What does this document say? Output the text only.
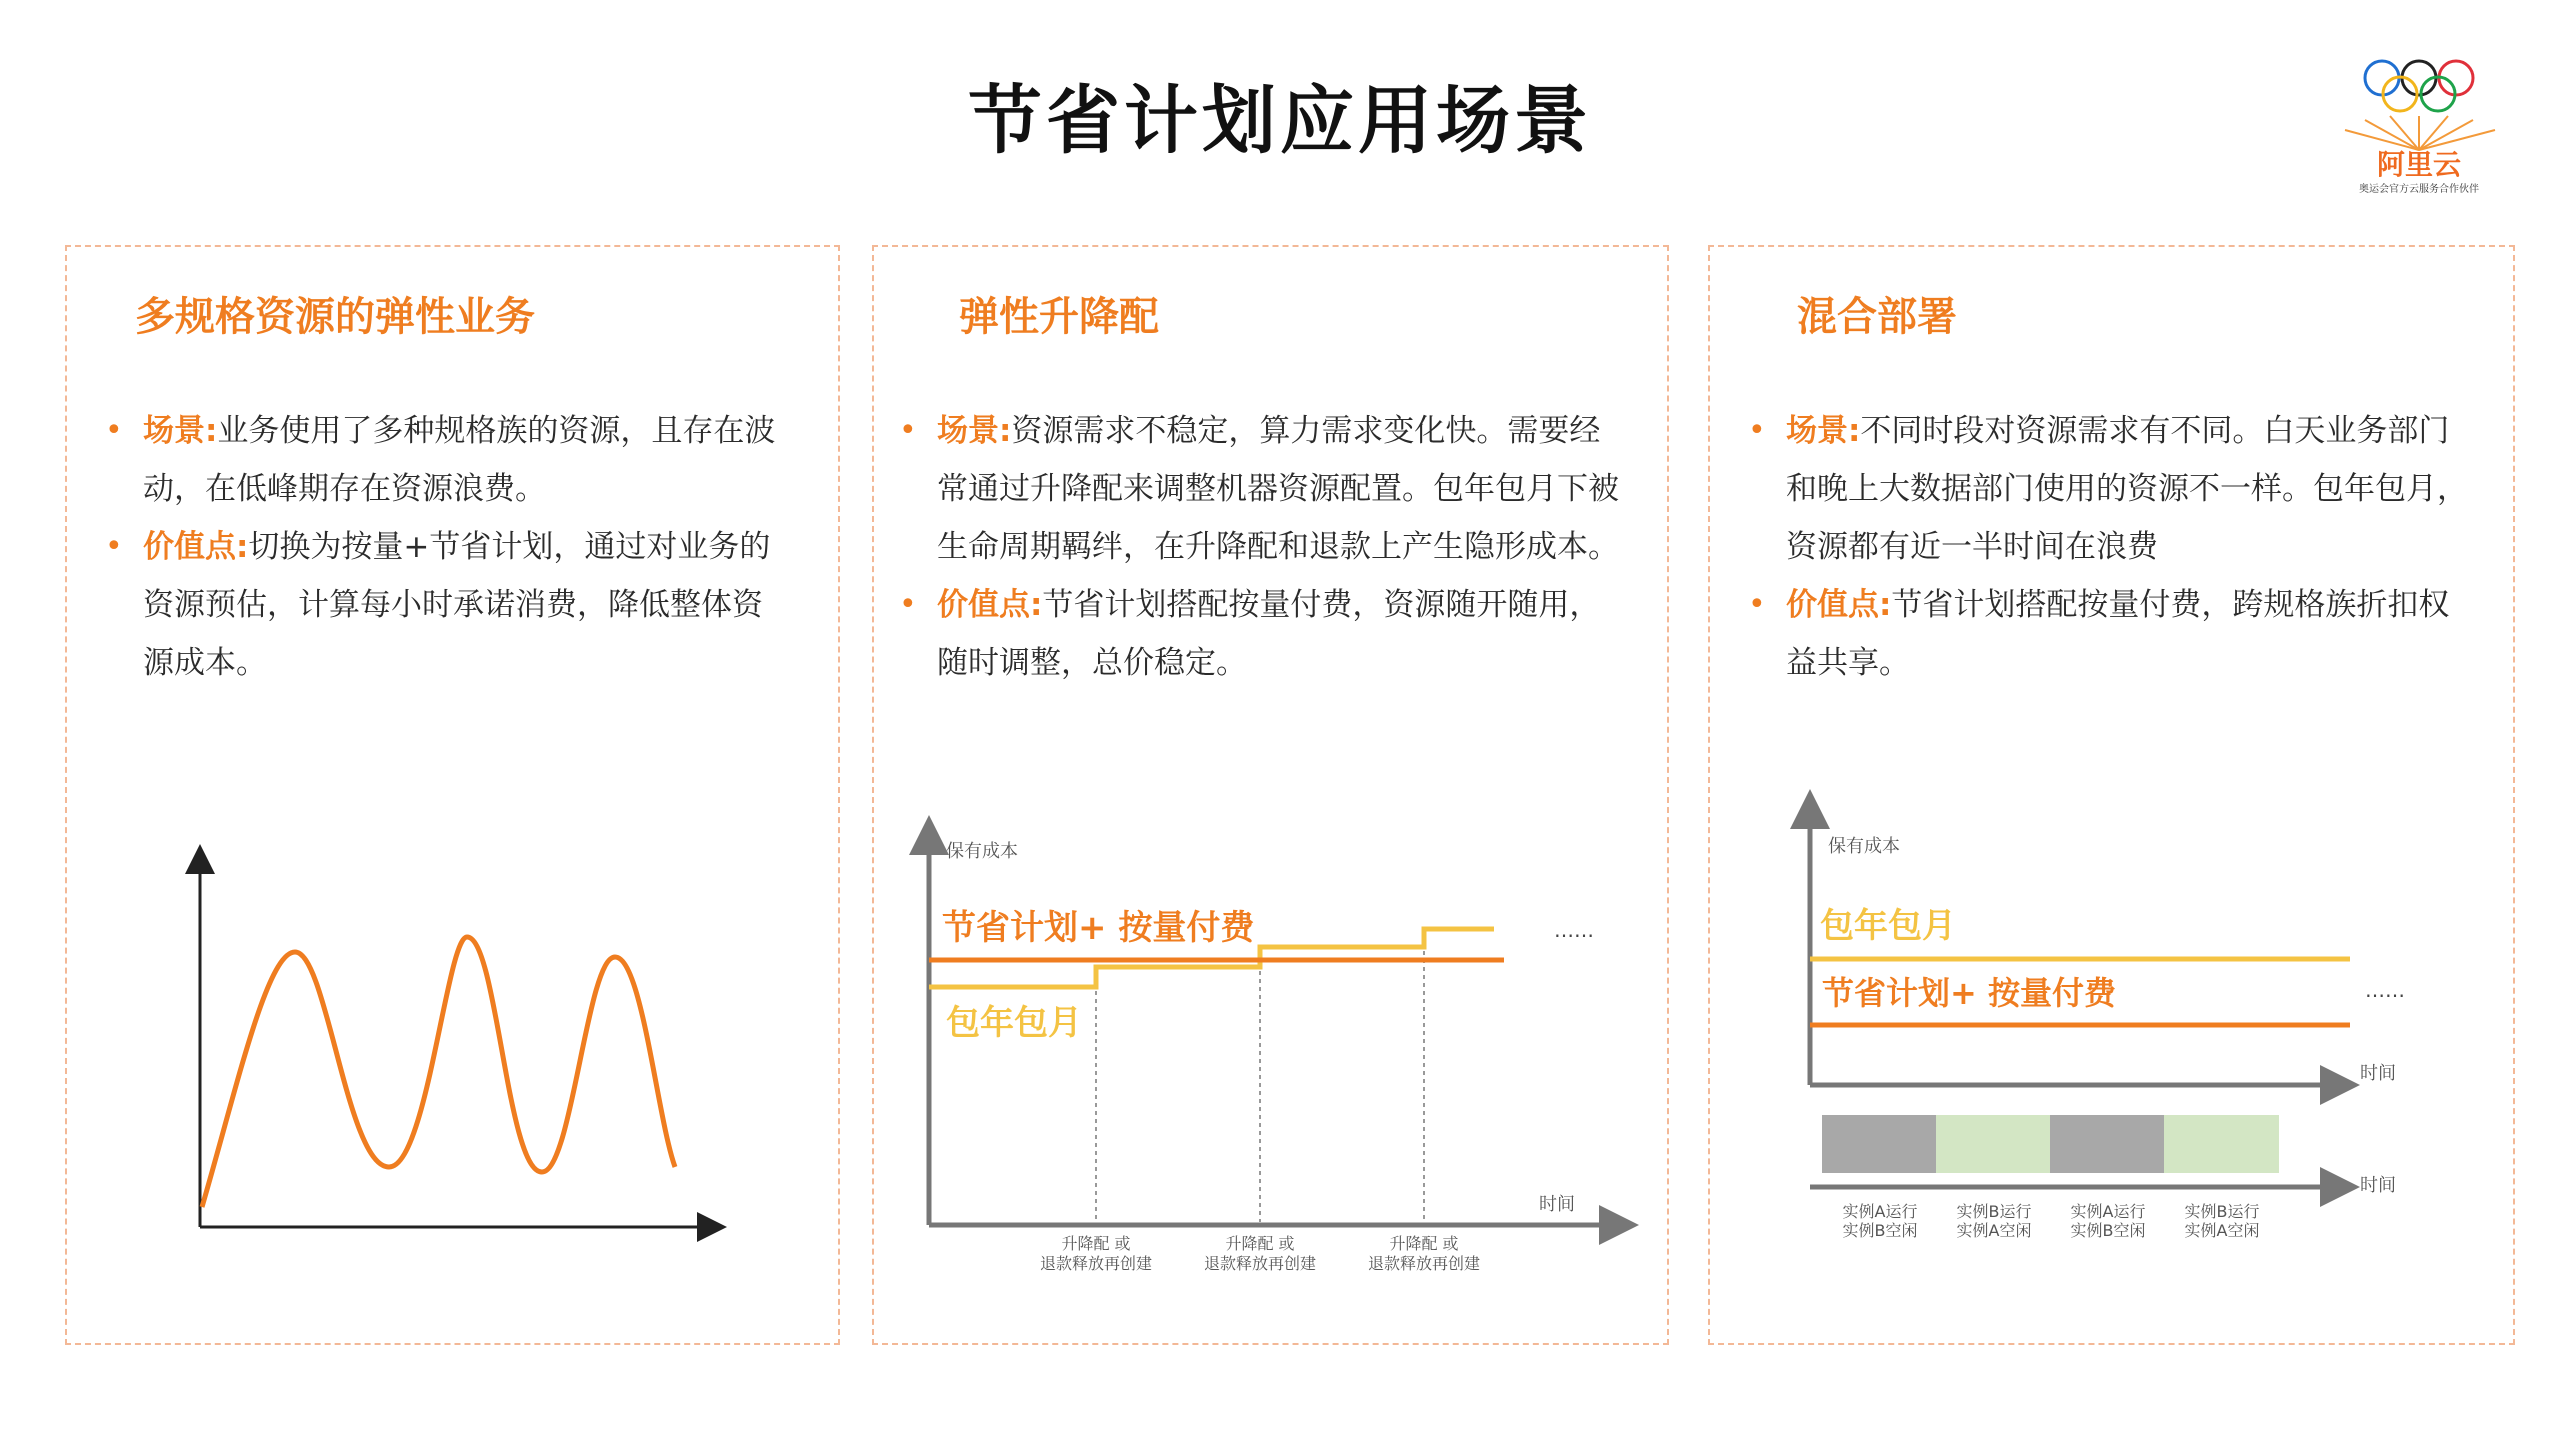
节省计划应用场景
阿里云
奥运会官方云服务合作伙伴
多规格资源的弹性业务
• 场景:业务使用了多种规格族的资源，且存在波动，在低峰期存在资源浪费。
• 价值点:切换为按量+节省计划，通过对业务的资源预估，计算每小时承诺消费，降低整体资源成本。
弹性升降配
• 场景:资源需求不稳定，算力需求变化快。需要经常通过升降配来调整机器资源配置。包年包月下被生命周期羁绊，在升降配和退款上产生隐形成本。
• 价值点:节省计划搭配按量付费，资源随开随用，随时调整，总价稳定。
保有成本
时间
节省计划+ 按量付费
包年包月
……
升降配 或
退款释放再创建
升降配 或
退款释放再创建
升降配 或
退款释放再创建
混合部署
• 场景:不同时段对资源需求有不同。白天业务部门和晚上大数据部门使用的资源不一样。包年包月，资源都有近一半时间在浪费
• 价值点:节省计划搭配按量付费，跨规格族折扣权益共享。
保有成本
时间
包年包月
节省计划+ 按量付费	……
时间
实例A运行
实例B空闲
实例B运行
实例A空闲
实例A运行
实例B空闲
实例B运行
实例A空闲
